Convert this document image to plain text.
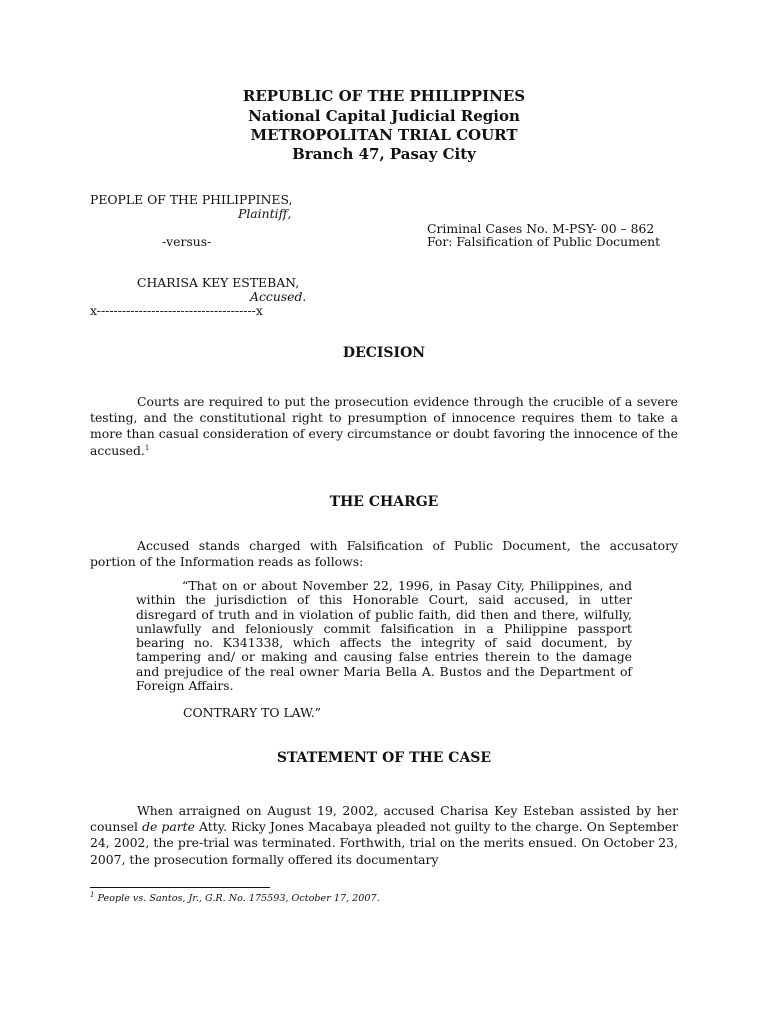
REPUBLIC OF THE PHILIPPINES
National Capital Judicial Region
METROPOLITAN TRIAL COURT
Branch 47, Pasay City
PEOPLE OF THE PHILIPPINES,
Plaintiff,
Criminal Cases No. M-PSY- 00 – 862
-versus-	For: Falsification of Public Document
CHARISA KEY ESTEBAN,
Accused.
x--------------------------------------x
DECISION

Courts are required to put the prosecution evidence through the crucible of a severe testing, and the constitutional right to presumption of innocence requires them to take a more than casual consideration of every circumstance or doubt favoring the innocence of the accused.$^1$

THE CHARGE

Accused stands charged with Falsification of Public Document, the accusatory portion of the Information reads as follows:

“That on or about November 22, 1996, in Pasay City, Philippines, and within the jurisdiction of this Honorable Court, said accused, in utter disregard of truth and in violation of public faith, did then and there, wilfully, unlawfully and feloniously commit falsification in a Philippine passport bearing no. K341338, which affects the integrity of said document, by tampering and/ or making and causing false entries therein to the damage and prejudice of the real owner Maria Bella A. Bustos and the Department of Foreign Affairs.

CONTRARY TO LAW.”
STATEMENT OF THE CASE

When arraigned on August 19, 2002, accused Charisa Key Esteban assisted by her counsel de parte Atty. Ricky Jones Macabaya pleaded not guilty to the charge. On September 24, 2002, the pre-trial was terminated. Forthwith, trial on the merits ensued. On October 23, 2007, the prosecution formally offered its documentary

$^1$ People vs. Santos, Jr., G.R. No. 175593, October 17, 2007.
